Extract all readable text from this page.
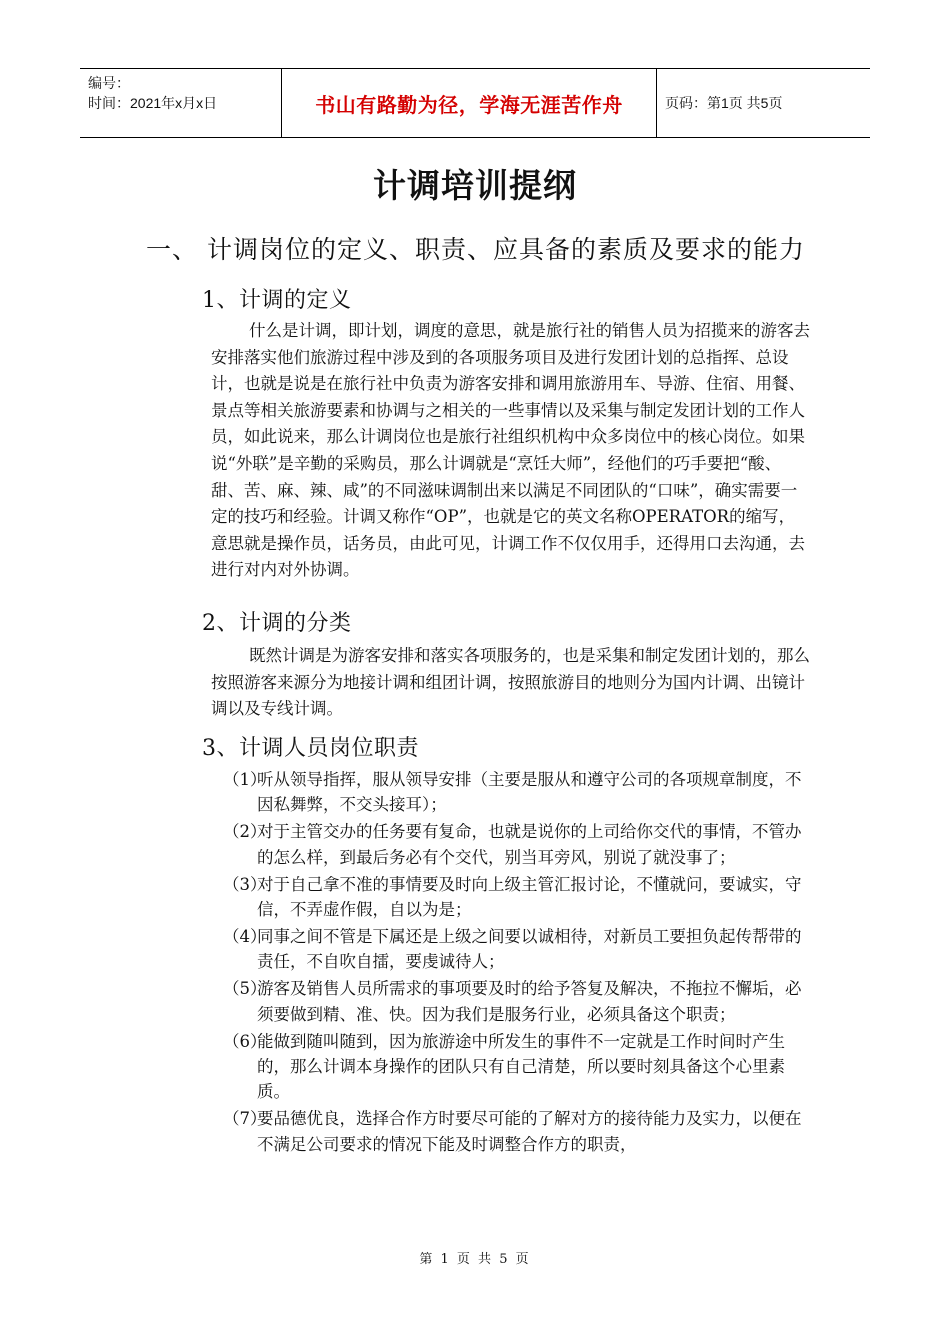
编号：
时间：2021年x月x日	书山有路勤为径，学海无涯苦作舟	页码：第1页 共5页
计调培训提纲
一、 计调岗位的定义、职责、应具备的素质及要求的能力
1、计调的定义
什么是计调，即计划，调度的意思，就是旅行社的销售人员为招揽来的游客去安排落实他们旅游过程中涉及到的各项服务项目及进行发团计划的总指挥、总设计，也就是说是在旅行社中负责为游客安排和调用旅游用车、导游、住宿、用餐、景点等相关旅游要素和协调与之相关的一些事情以及采集与制定发团计划的工作人员，如此说来，那么计调岗位也是旅行社组织机构中众多岗位中的核心岗位。如果说“外联”是辛勤的采购员，那么计调就是“烹饪大师”，经他们的巧手要把“酸、甜、苦、麻、辣、咸”的不同滋味调制出来以满足不同团队的“口味”，确实需要一定的技巧和经验。计调又称作“OP”，也就是它的英文名称OPERATOR的缩写，意思就是操作员，话务员，由此可见，计调工作不仅仅用手，还得用口去沟通，去进行对内对外协调。
2、计调的分类
既然计调是为游客安排和落实各项服务的，也是采集和制定发团计划的，那么按照游客来源分为地接计调和组团计调，按照旅游目的地则分为国内计调、出镜计调以及专线计调。
3、计调人员岗位职责
（1）
听从领导指挥，服从领导安排（主要是服从和遵守公司的各项规章制度，不因私舞弊，不交头接耳）；
（2）
对于主管交办的任务要有复命，也就是说你的上司给你交代的事情，不管办的怎么样，到最后务必有个交代，别当耳旁风，别说了就没事了；
（3）
对于自己拿不准的事情要及时向上级主管汇报讨论，不懂就问，要诚实，守信，不弄虚作假，自以为是；
（4）
同事之间不管是下属还是上级之间要以诚相待，对新员工要担负起传帮带的责任，不自吹自擂，要虔诚待人；
（5）
游客及销售人员所需求的事项要及时的给予答复及解决，不拖拉不懈垢，必须要做到精、准、快。因为我们是服务行业，必须具备这个职责；
（6）
能做到随叫随到，因为旅游途中所发生的事件不一定就是工作时间时产生的，那么计调本身操作的团队只有自己清楚，所以要时刻具备这个心里素质。
（7）
要品德优良，选择合作方时要尽可能的了解对方的接待能力及实力，以便在不满足公司要求的情况下能及时调整合作方的职责，
第 1 页 共 5 页
